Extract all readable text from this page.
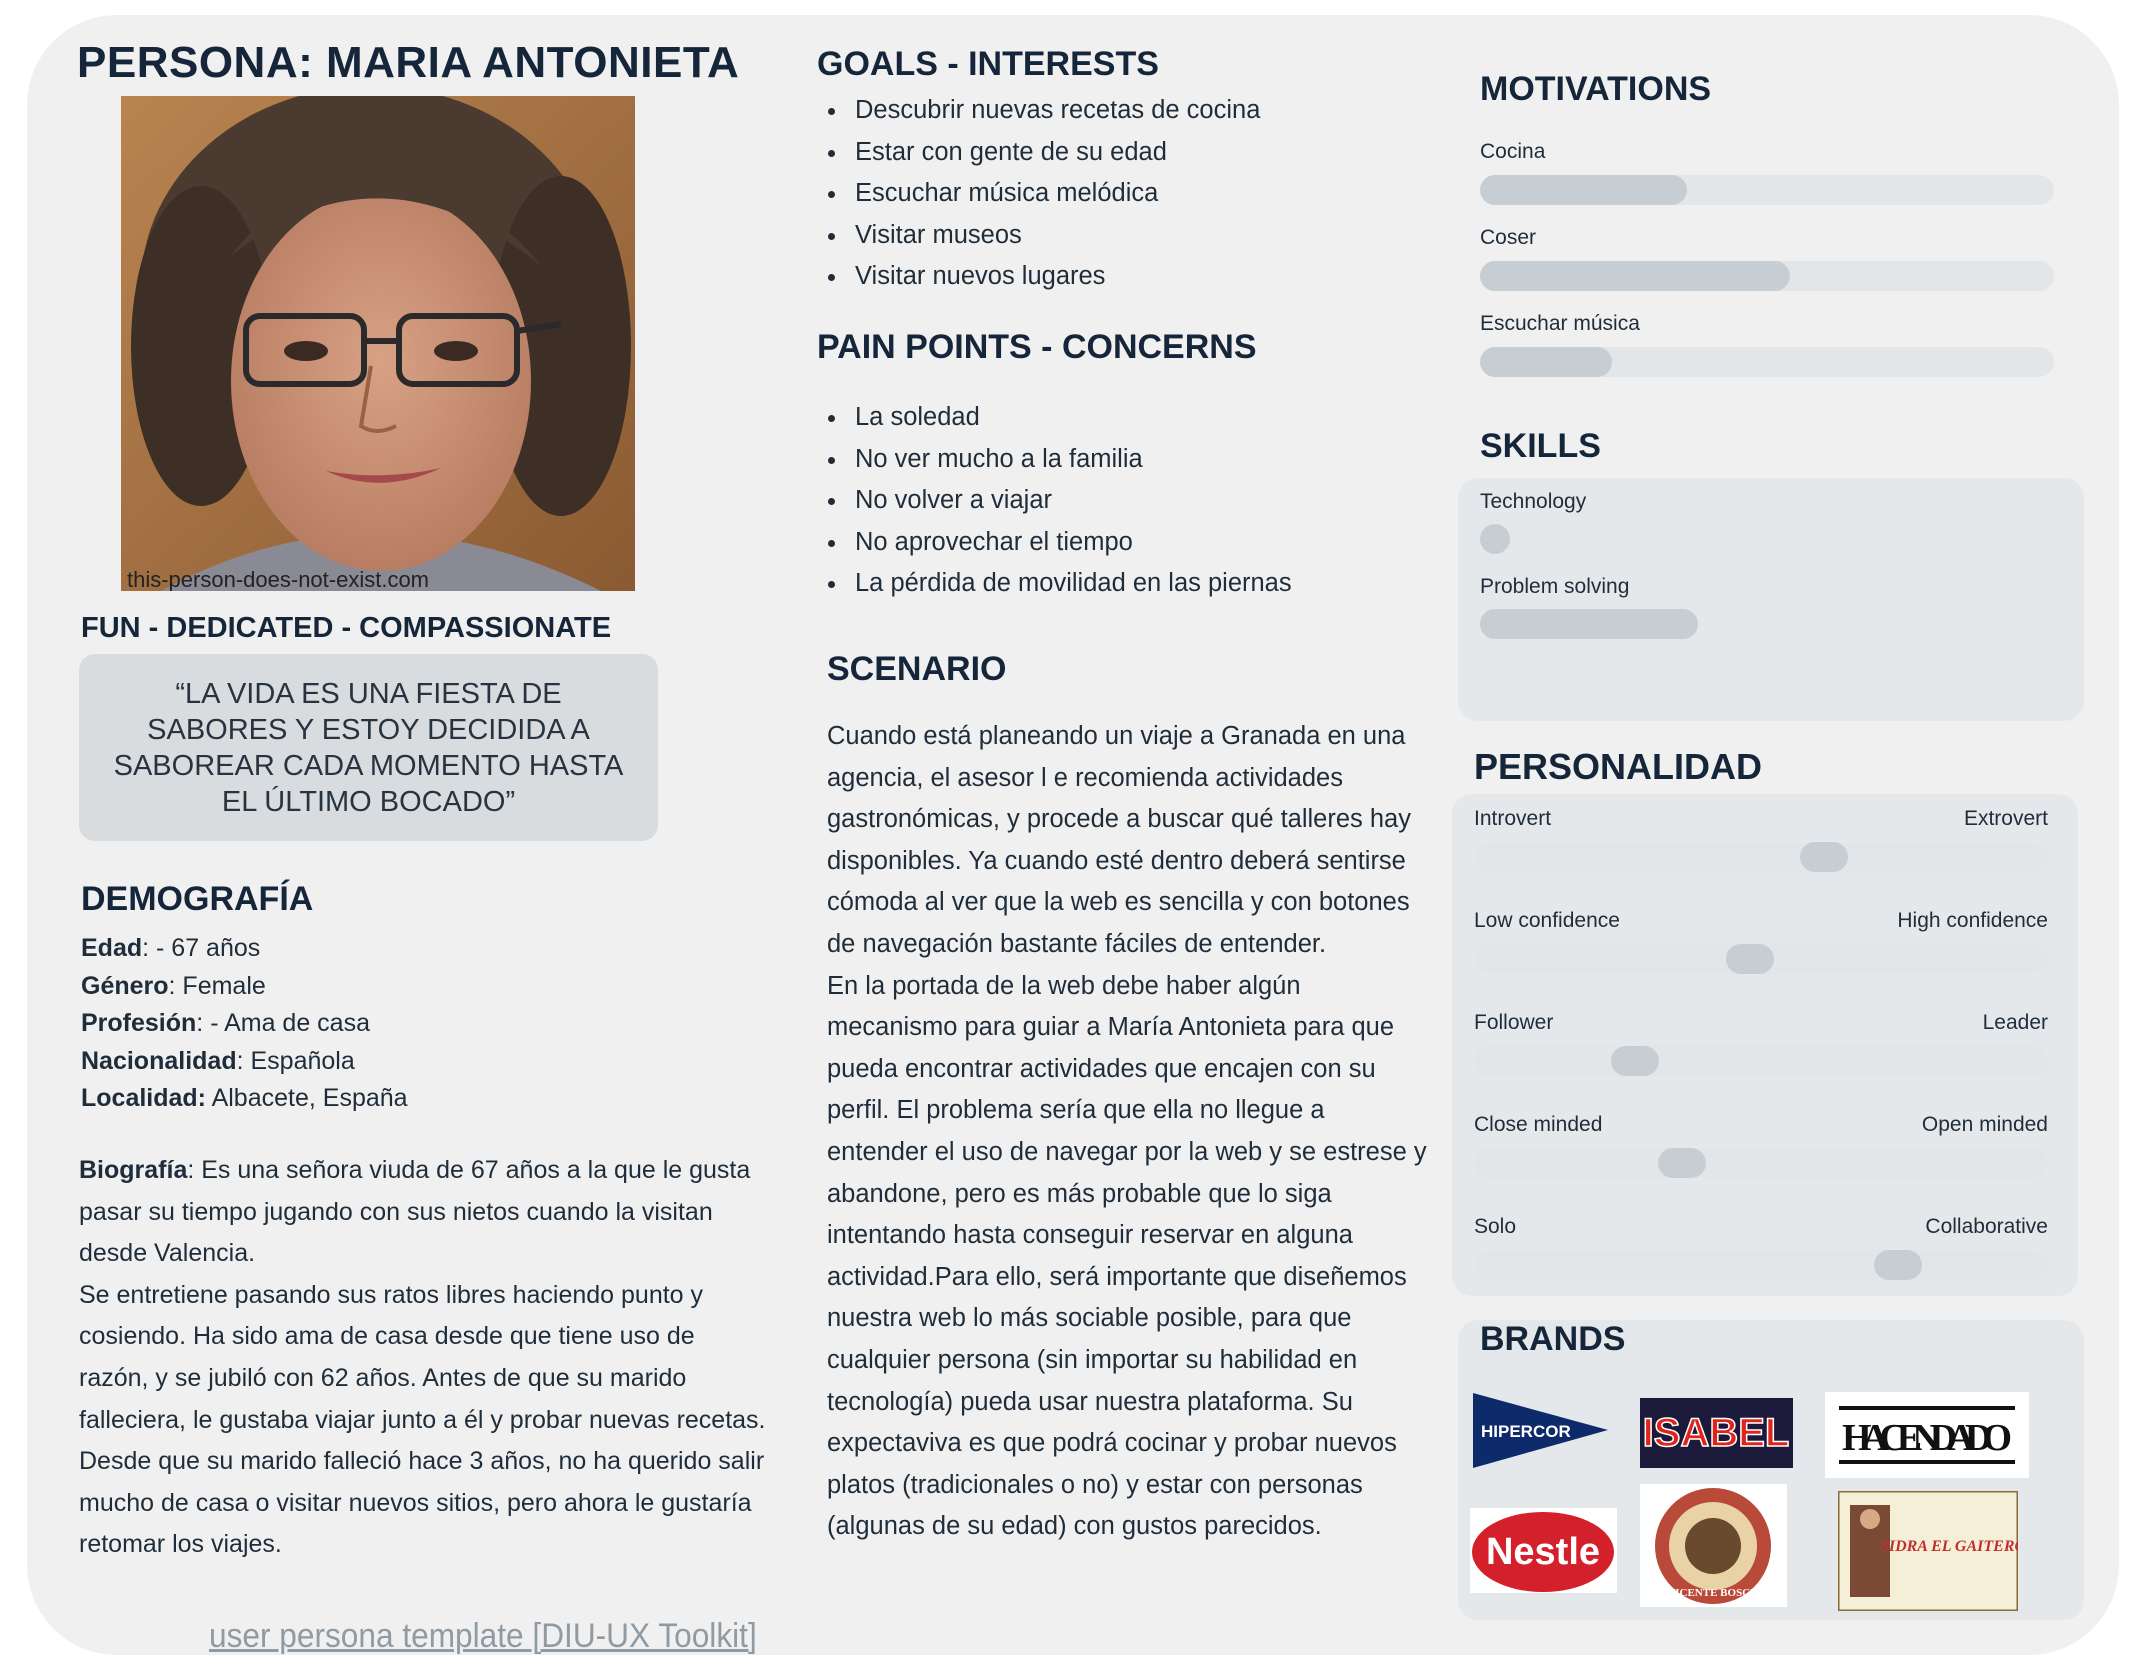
PERSONA: MARIA ANTONIETA
this-person-does-not-exist.com
FUN - DEDICATED - COMPASSIONATE
“LA VIDA ES UNA FIESTA DE SABORES Y ESTOY DECIDIDA A SABOREAR CADA MOMENTO HASTA EL ÚLTIMO BOCADO”
DEMOGRAFÍA
Edad: - 67 años
Género: Female
Profesión: - Ama de casa
Nacionalidad: Española
Localidad: Albacete, España

Biografía: Es una señora viuda de 67 años a la que le gusta pasar su tiempo jugando con sus nietos cuando la visitan desde Valencia.

Se entretiene pasando sus ratos libres haciendo punto y cosiendo. Ha sido ama de casa desde que tiene uso de razón, y se jubiló con 62 años. Antes de que su marido falleciera, le gustaba viajar junto a él y probar nuevas recetas. Desde que su marido falleció hace 3 años, no ha querido salir mucho de casa o visitar nuevos sitios, pero ahora le gustaría retomar los viajes.

user persona template [DIU-UX Toolkit]
GOALS - INTERESTS
Descubrir nuevas recetas de cocina
Estar con gente de su edad
Escuchar música melódica
Visitar museos
Visitar nuevos lugares
PAIN POINTS - CONCERNS
La soledad
No ver mucho a la familia
No volver a viajar
No aprovechar el tiempo
La pérdida de movilidad en las piernas
SCENARIO

Cuando está planeando un viaje a Granada en una agencia, el asesor l e recomienda actividades gastronómicas, y procede a buscar qué talleres hay disponibles. Ya cuando esté dentro deberá sentirse cómoda al ver que la web es sencilla y con botones de navegación bastante fáciles de entender.

En la portada de la web debe haber algún mecanismo para guiar a María Antonieta para que pueda encontrar actividades que encajen con su perfil. El problema sería que ella no llegue a entender el uso de navegar por la web y se estrese y abandone, pero es más probable que lo siga intentando hasta conseguir reservar en alguna actividad.Para ello, será importante que diseñemos nuestra web lo más sociable posible, para que cualquier persona (sin importar su habilidad en tecnología) pueda usar nuestra plataforma. Su expectaviva es que podrá cocinar y probar nuevos platos (tradicionales o no) y estar con personas (algunas de su edad) con gustos parecidos.

MOTIVATIONS
Cocina
Coser
Escuchar música
SKILLS
Technology
Problem solving
PERSONALIDAD
Introvert	Extrovert
Low confidence	High confidence
Follower	Leader
Close minded	Open minded
Solo	Collaborative
BRANDS
HIPERCOR ISABEL HACENDADO
Nestle
VICENTE BOSCH
SIDRA EL GAITERO
